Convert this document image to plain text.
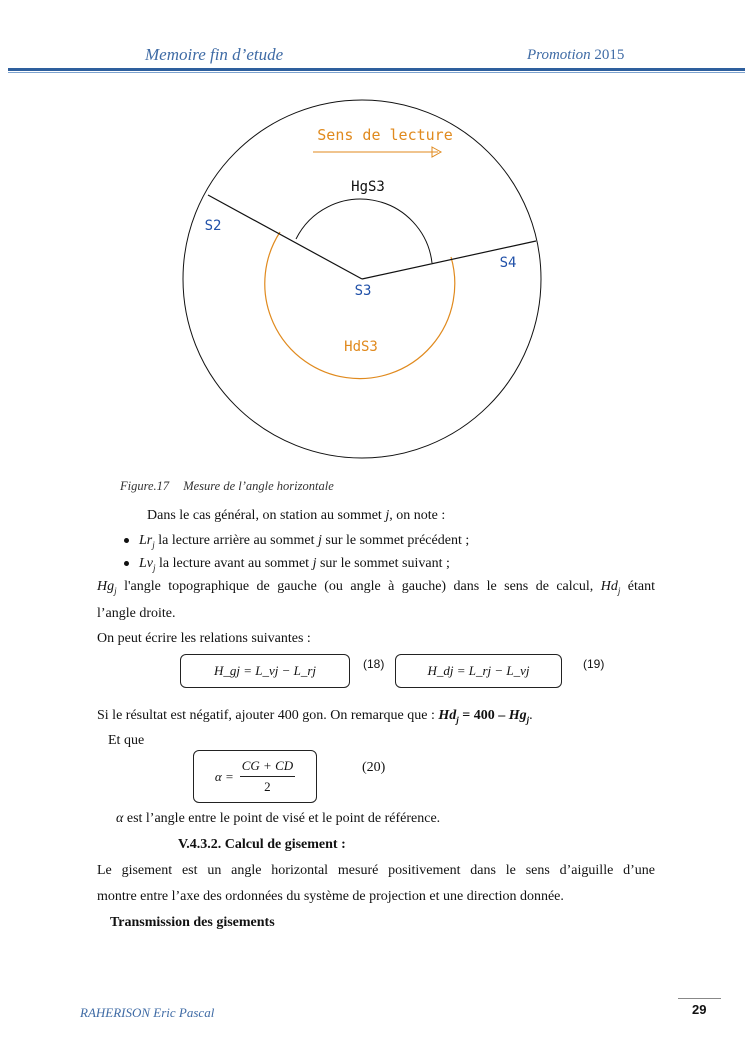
Memoire fin d’etude	Promotion 2015
Sens de lecture
HgS3
HdS3
S2
S3
S4
Figure.17 Mesure de l’angle horizontale
Dans le cas général, on station au sommet j, on note :
$Lr_j$ la lecture arrière au sommet j sur le sommet précédent ;
$Lv_j$ la lecture avant au sommet j sur le sommet suivant ;
$Hg_j$ l'angle topographique de gauche (ou angle à gauche) dans le sens de calcul, $Hd_j$ étant
l’angle droite.
On peut écrire les relations suivantes :
H_gj = L_vj − L_rj	(18)	H_dj = L_rj − L_vj	(19)
Si le résultat est négatif, ajouter 400 gon. On remarque que : $Hd_j = 400 - Hg_j$.
Et que
$\alpha = \frac{CG + CD}{2}$	(20)
α est l’angle entre le point de visé et le point de référence.
V.4.3.2. Calcul de gisement :
Le gisement est un angle horizontal mesuré positivement dans le sens d’aiguille d’une
montre entre l’axe des ordonnées du système de projection et une direction donnée.
Transmission des gisements
RAHERISON Eric Pascal	29
